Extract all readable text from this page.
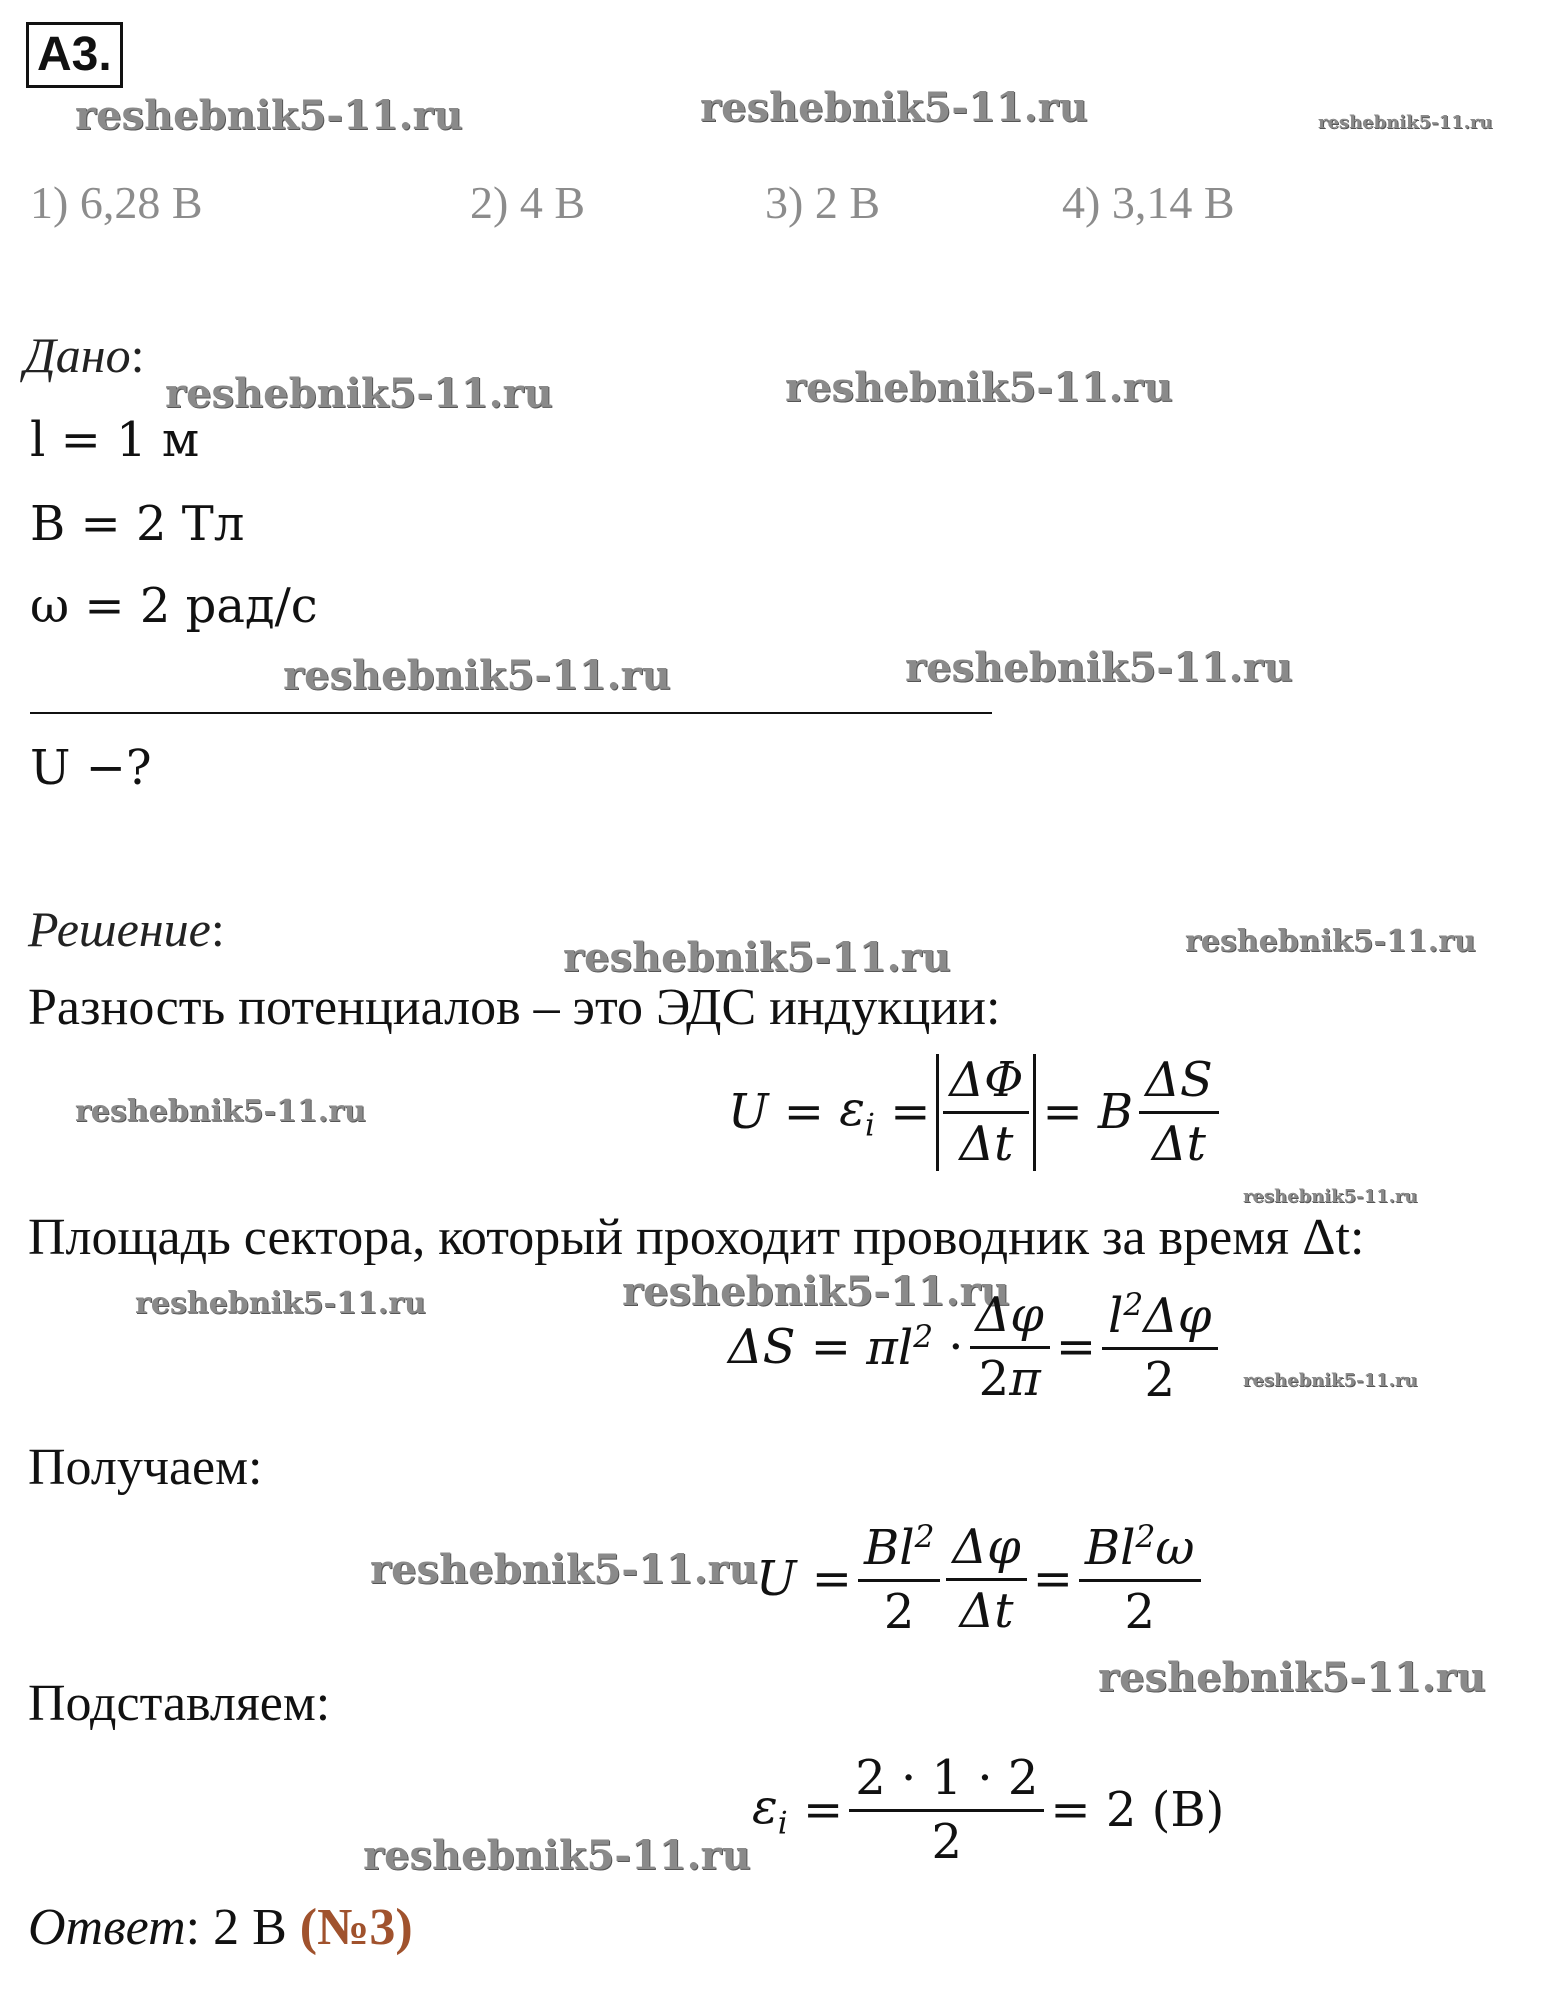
А3.
reshebnik5-11.ru	reshebnik5-11.ru	reshebnik5-11.ru
1) 6,28 В	2) 4 В	3) 2 В	4) 3,14 В
Дано:
reshebnik5-11.ru	reshebnik5-11.ru
l = 1 м
B = 2 Тл
ω = 2 рад/с
reshebnik5-11.ru	reshebnik5-11.ru
U −?
Решение:
reshebnik5-11.ru	reshebnik5-11.ru
Разность потенциалов – это ЭДС индукции:
reshebnik5-11.ru	$U = \varepsilon_i = \frac{\Delta\Phi}{\Delta t} = B \frac{\Delta S}{\Delta t}$
reshebnik5-11.ru
Площадь сектора, который проходит проводник за время Δt:
reshebnik5-11.ru	reshebnik5-11.ru
$\Delta S = \pi l^2 \cdot \frac{\Delta\varphi}{2\pi} = \frac{l^2\Delta\varphi}{2}$ reshebnik5-11.ru
Получаем:
reshebnik5-11.ru
$U = \frac{Bl^2}{2} \frac{\Delta\varphi}{\Delta t} = \frac{Bl^2\omega}{2}$
reshebnik5-11.ru
Подставляем:
reshebnik5-11.ru
$\varepsilon_i = \frac{2 \cdot 1 \cdot 2}{2} = 2$ (В)
Ответ: 2 В (№3)
